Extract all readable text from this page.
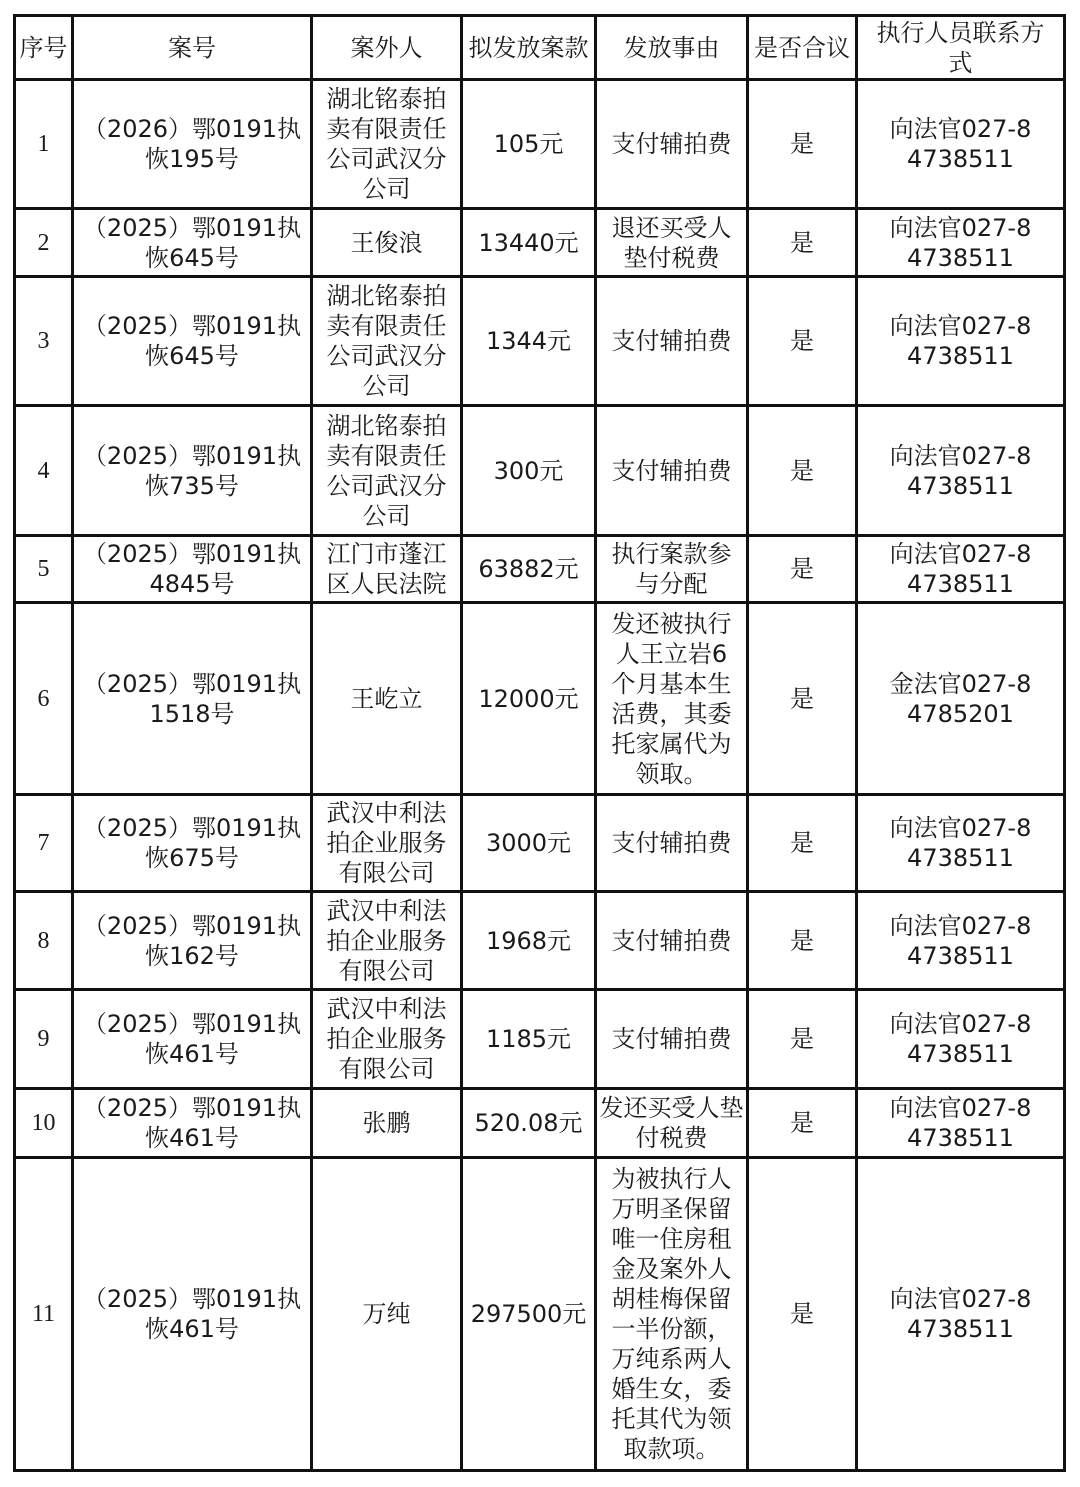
序号	案号	案外人	拟发放案款	发放事由	是否合议	执行人员联系方式
1	（2026）鄂0191执恢195号	湖北铭泰拍卖有限责任公司武汉分公司	105元	支付辅拍费	是	向法官027-84738511
2	（2025）鄂0191执恢645号	王俊浪	13440元	退还买受人垫付税费	是	向法官027-84738511
3	（2025）鄂0191执恢645号	湖北铭泰拍卖有限责任公司武汉分公司	1344元	支付辅拍费	是	向法官027-84738511
4	（2025）鄂0191执恢735号	湖北铭泰拍卖有限责任公司武汉分公司	300元	支付辅拍费	是	向法官027-84738511
5	（2025）鄂0191执4845号	江门市蓬江区人民法院	63882元	执行案款参与分配	是	向法官027-84738511
6	（2025）鄂0191执1518号	王屹立	12000元	发还被执行人王立岩6个月基本生活费，其委托家属代为领取。	是	金法官027-84785201
7	（2025）鄂0191执恢675号	武汉中利法拍企业服务有限公司	3000元	支付辅拍费	是	向法官027-84738511
8	（2025）鄂0191执恢162号	武汉中利法拍企业服务有限公司	1968元	支付辅拍费	是	向法官027-84738511
9	（2025）鄂0191执恢461号	武汉中利法拍企业服务有限公司	1185元	支付辅拍费	是	向法官027-84738511
10	（2025）鄂0191执恢461号	张鹏	520.08元	发还买受人垫付税费	是	向法官027-84738511
11	（2025）鄂0191执恢461号	万纯	297500元	为被执行人万明圣保留唯一住房租金及案外人胡桂梅保留一半份额，万纯系两人婚生女，委托其代为领取款项。	是	向法官027-84738511
